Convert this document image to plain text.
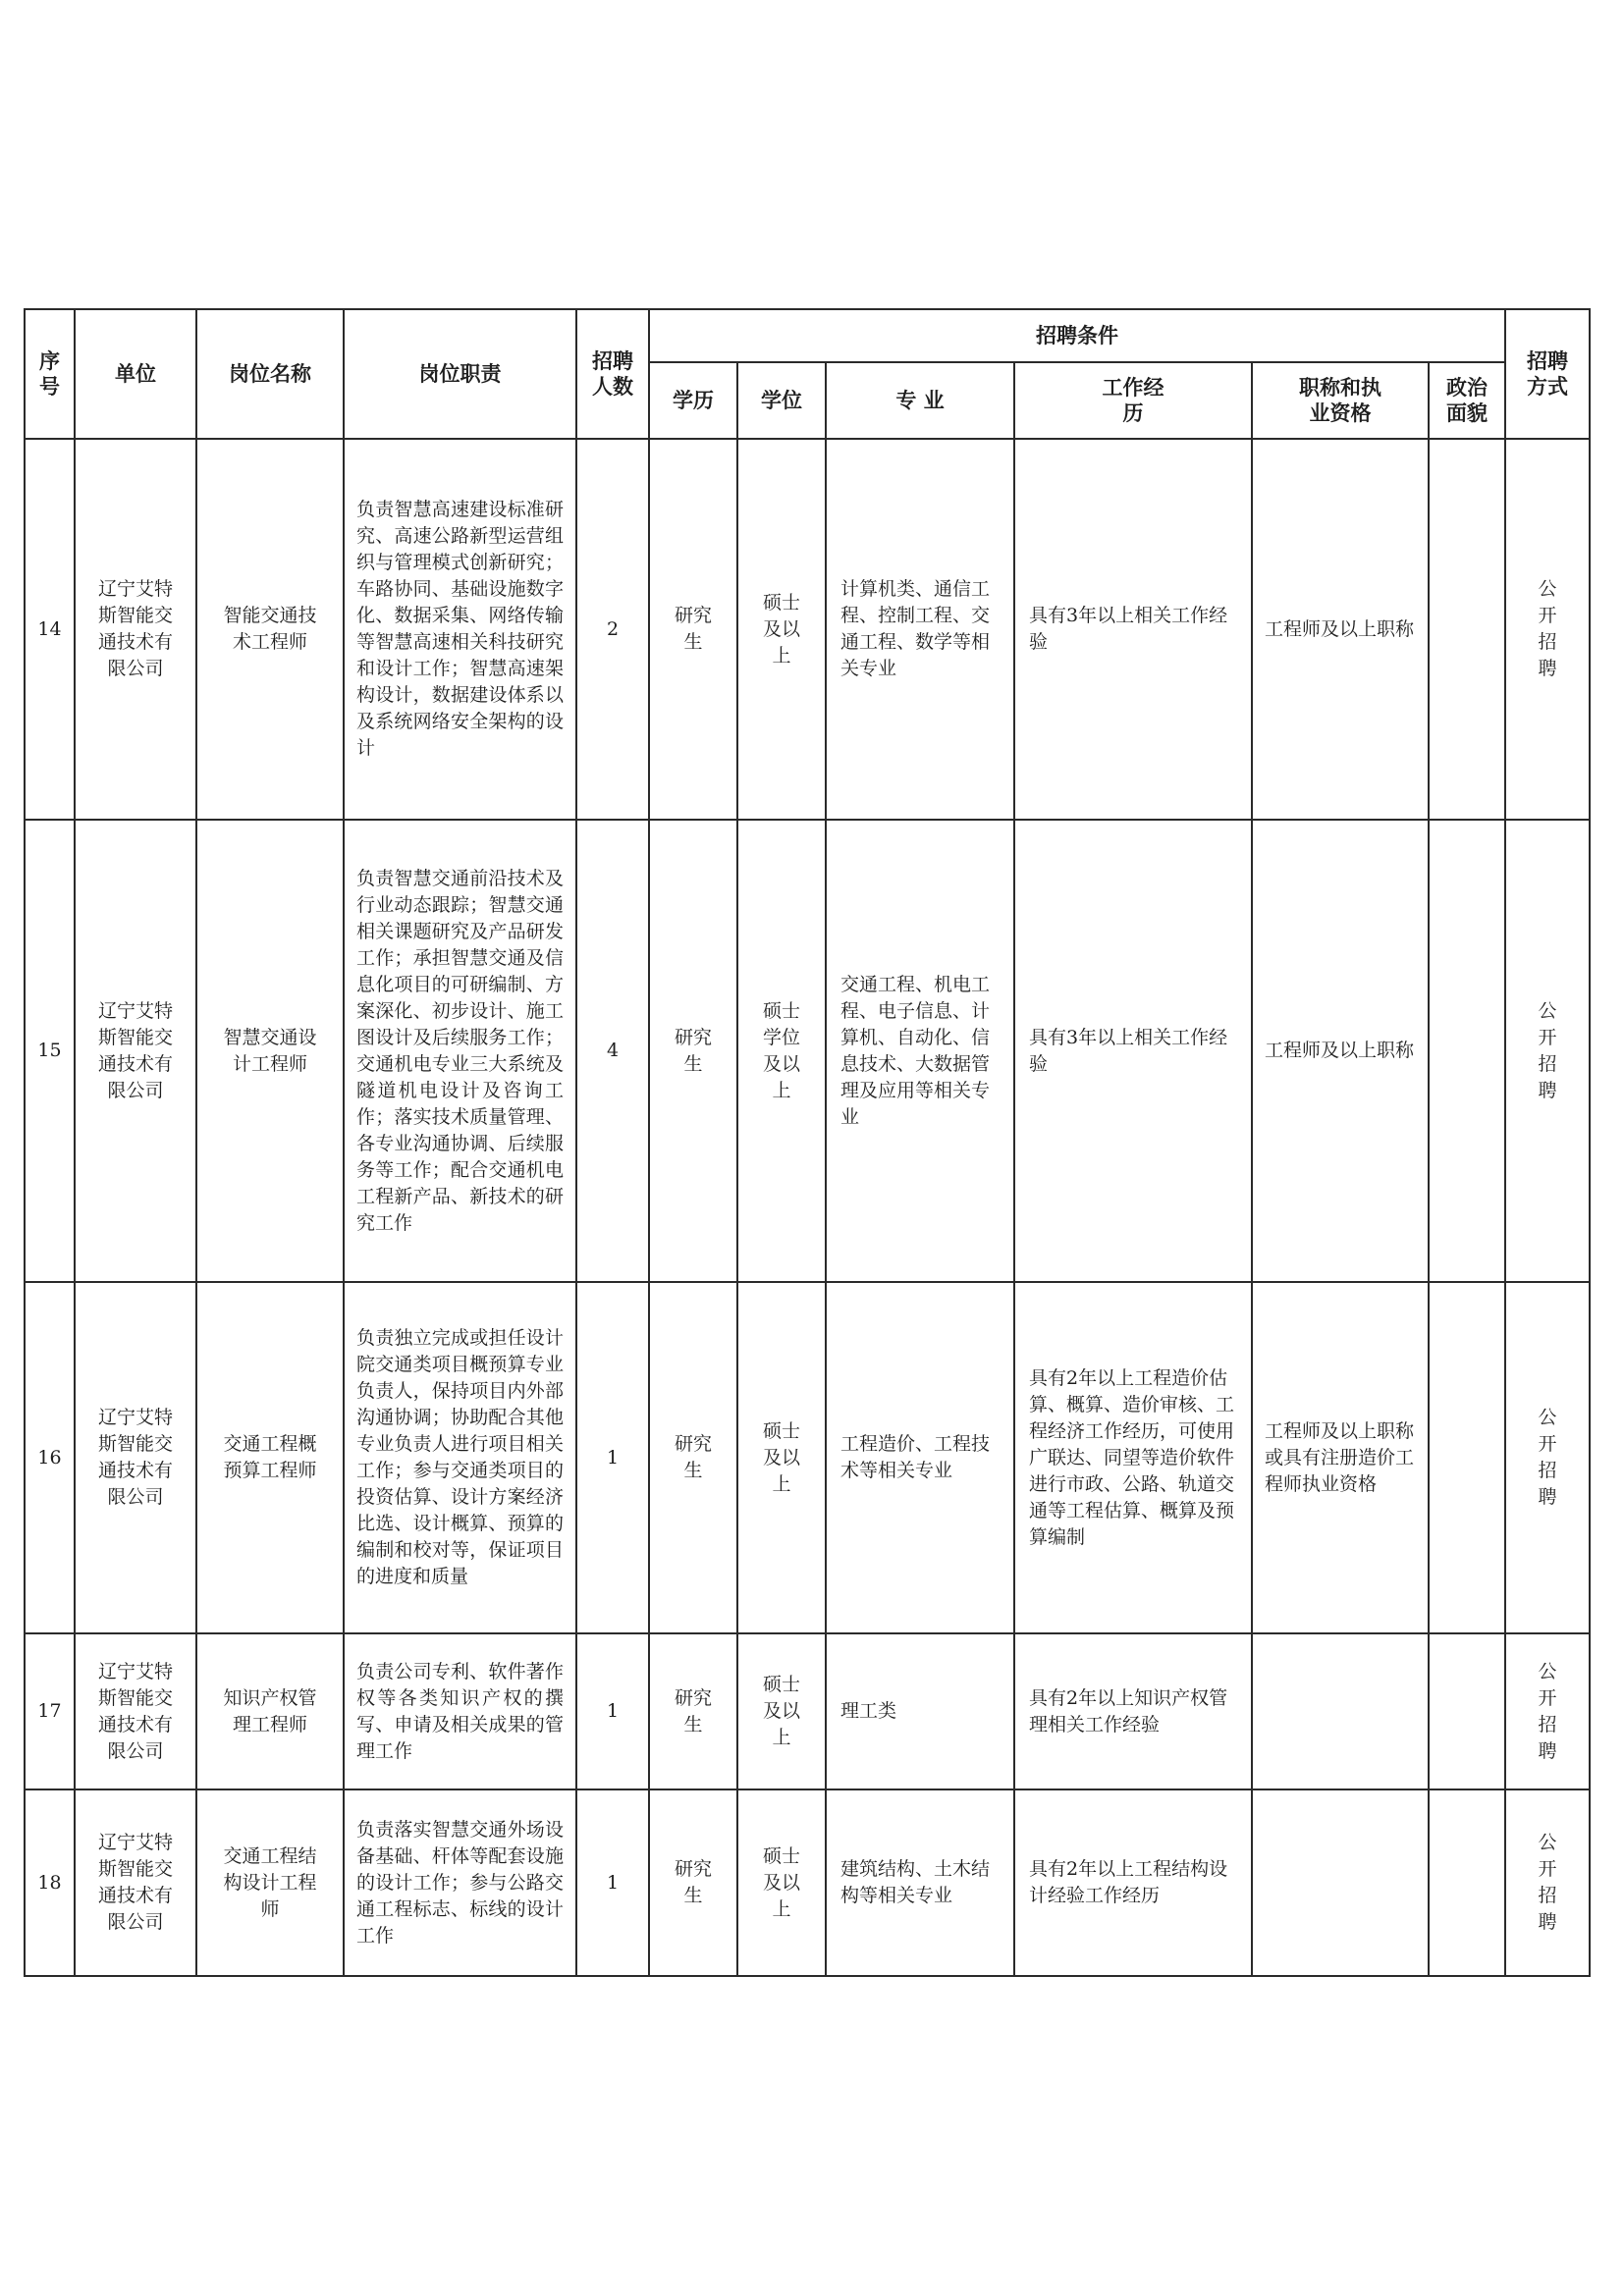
序号	单位	岗位名称	岗位职责	招聘人数	招聘条件						招聘方式
					学历	学位	专 业	工作经历	职称和执业资格	政治面貌	
14	辽宁艾特斯智能交通技术有限公司	智能交通技术工程师	负责智慧高速建设标准研究、高速公路新型运营组织与管理模式创新研究；车路协同、基础设施数字化、数据采集、网络传输等智慧高速相关科技研究和设计工作；智慧高速架构设计，数据建设体系以及系统网络安全架构的设计	2	研究生	硕士及以上	计算机类、通信工程、控制工程、交通工程、数学等相关专业	具有3年以上相关工作经验	工程师及以上职称		公开招聘
15	辽宁艾特斯智能交通技术有限公司	智慧交通设计工程师	负责智慧交通前沿技术及行业动态跟踪；智慧交通相关课题研究及产品研发工作；承担智慧交通及信息化项目的可研编制、方案深化、初步设计、施工图设计及后续服务工作；交通机电专业三大系统及隧道机电设计及咨询工作；落实技术质量管理、各专业沟通协调、后续服务等工作；配合交通机电工程新产品、新技术的研究工作	4	研究生	硕士学位及以上	交通工程、机电工程、电子信息、计算机、自动化、信息技术、大数据管理及应用等相关专业	具有3年以上相关工作经验	工程师及以上职称		公开招聘
16	辽宁艾特斯智能交通技术有限公司	交通工程概预算工程师	负责独立完成或担任设计院交通类项目概预算专业负责人，保持项目内外部沟通协调；协助配合其他专业负责人进行项目相关工作；参与交通类项目的投资估算、设计方案经济比选、设计概算、预算的编制和校对等，保证项目的进度和质量	1	研究生	硕士及以上	工程造价、工程技术等相关专业	具有2年以上工程造价估算、概算、造价审核、工程经济工作经历，可使用广联达、同望等造价软件进行市政、公路、轨道交通等工程估算、概算及预算编制	工程师及以上职称或具有注册造价工程师执业资格		公开招聘
17	辽宁艾特斯智能交通技术有限公司	知识产权管理工程师	负责公司专利、软件著作权等各类知识产权的撰写、申请及相关成果的管理工作	1	研究生	硕士及以上	理工类	具有2年以上知识产权管理相关工作经验			公开招聘
18	辽宁艾特斯智能交通技术有限公司	交通工程结构设计工程师	负责落实智慧交通外场设备基础、杆体等配套设施的设计工作；参与公路交通工程标志、标线的设计工作	1	研究生	硕士及以上	建筑结构、土木结构等相关专业	具有2年以上工程结构设计经验工作经历			公开招聘
